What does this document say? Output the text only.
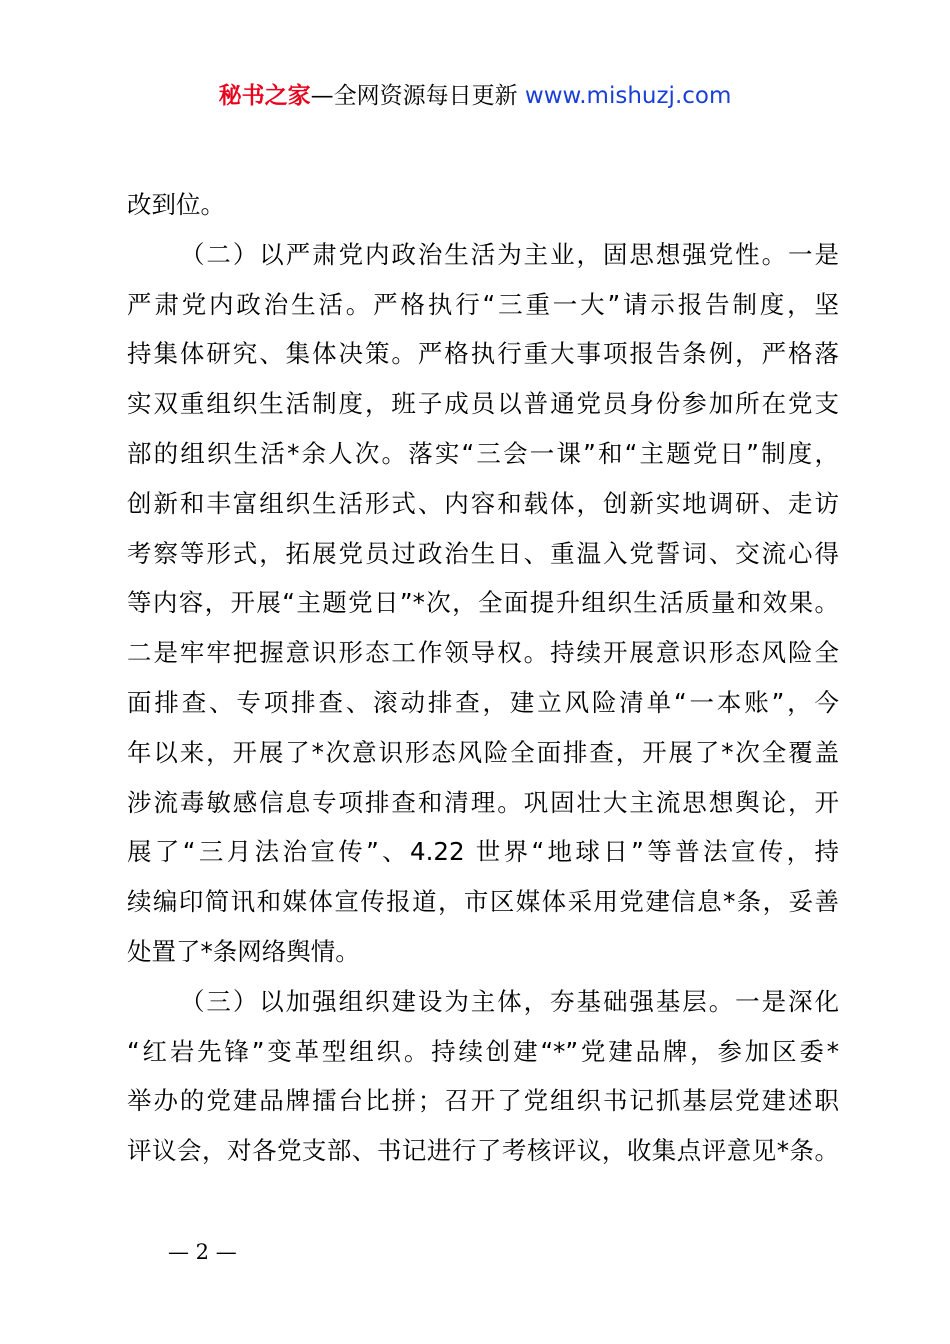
秘书之家—全网资源每日更新 www.mishuzj.com
改到位。
（二）以严肃党内政治生活为主业，固思想强党性。一是
严肃党内政治生活。严格执行“三重一大”请示报告制度，坚
持集体研究、集体决策。严格执行重大事项报告条例，严格落
实双重组织生活制度，班子成员以普通党员身份参加所在党支
部的组织生活*余人次。落实“三会一课”和“主题党日”制度，
创新和丰富组织生活形式、内容和载体，创新实地调研、走访
考察等形式，拓展党员过政治生日、重温入党誓词、交流心得
等内容，开展“主题党日”*次，全面提升组织生活质量和效果。
二是牢牢把握意识形态工作领导权。持续开展意识形态风险全
面排查、专项排查、滚动排查，建立风险清单“一本账”，今
年以来，开展了*次意识形态风险全面排查，开展了*次全覆盖
涉流毒敏感信息专项排查和清理。巩固壮大主流思想舆论，开
展了“三月法治宣传”、4.22 世界“地球日”等普法宣传，持
续编印简讯和媒体宣传报道，市区媒体采用党建信息*条，妥善
处置了*条网络舆情。
（三）以加强组织建设为主体，夯基础强基层。一是深化
“红岩先锋”变革型组织。持续创建“*”党建品牌，参加区委*
举办的党建品牌擂台比拼；召开了党组织书记抓基层党建述职
评议会，对各党支部、书记进行了考核评议，收集点评意见*条。
— 2 —
